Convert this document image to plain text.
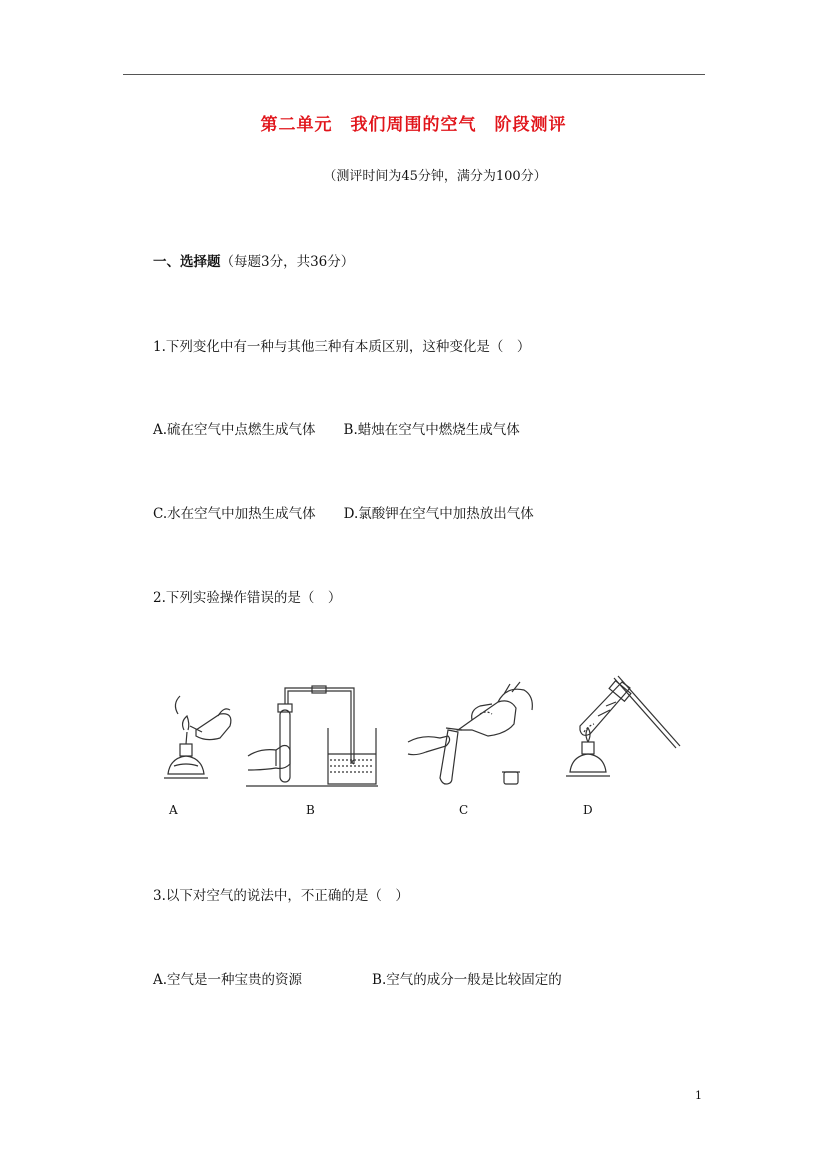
第二单元　我们周围的空气　阶段测评
（测评时间为45分钟，满分为100分）
一、选择题（每题3分，共36分）
1.下列变化中有一种与其他三种有本质区别，这种变化是（　）
A.硫在空气中点燃生成气体 B.蜡烛在空气中燃烧生成气体
C.水在空气中加热生成气体 D.氯酸钾在空气中加热放出气体
2.下列实验操作错误的是（　）
A	B	C	D
3.以下对空气的说法中，不正确的是（　）
A.空气是一种宝贵的资源	B.空气的成分一般是比较固定的
1
